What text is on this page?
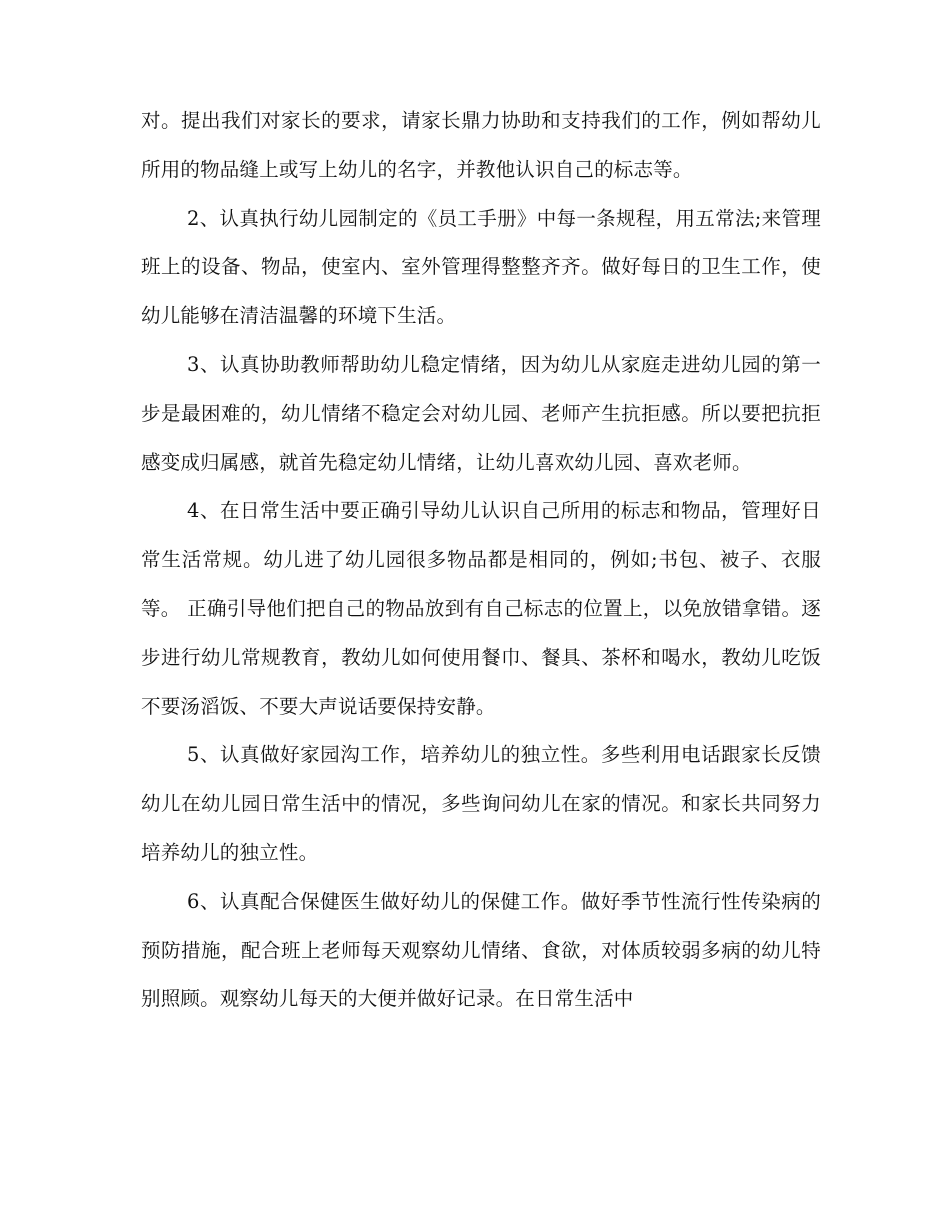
对。提出我们对家长的要求，请家长鼎力协助和支持我们的工作，例如帮幼儿所用的物品缝上或写上幼儿的名字，并教他认识自己的标志等。

2、认真执行幼儿园制定的《员工手册》中每一条规程，用五常法;来管理班上的设备、物品，使室内、室外管理得整整齐齐。做好每日的卫生工作，使幼儿能够在清洁温馨的环境下生活。

3、认真协助教师帮助幼儿稳定情绪，因为幼儿从家庭走进幼儿园的第一步是最困难的，幼儿情绪不稳定会对幼儿园、老师产生抗拒感。所以要把抗拒感变成归属感，就首先稳定幼儿情绪，让幼儿喜欢幼儿园、喜欢老师。

4、在日常生活中要正确引导幼儿认识自己所用的标志和物品，管理好日常生活常规。幼儿进了幼儿园很多物品都是相同的，例如;书包、被子、衣服等。 正确引导他们把自己的物品放到有自己标志的位置上，以免放错拿错。逐步进行幼儿常规教育，教幼儿如何使用餐巾、餐具、茶杯和喝水，教幼儿吃饭不要汤滔饭、不要大声说话要保持安静。

5、认真做好家园沟工作，培养幼儿的独立性。多些利用电话跟家长反馈幼儿在幼儿园日常生活中的情况，多些询问幼儿在家的情况。和家长共同努力培养幼儿的独立性。

6、认真配合保健医生做好幼儿的保健工作。做好季节性流行性传染病的预防措施，配合班上老师每天观察幼儿情绪、食欲，对体质较弱多病的幼儿特别照顾。观察幼儿每天的大便并做好记录。在日常生活中
